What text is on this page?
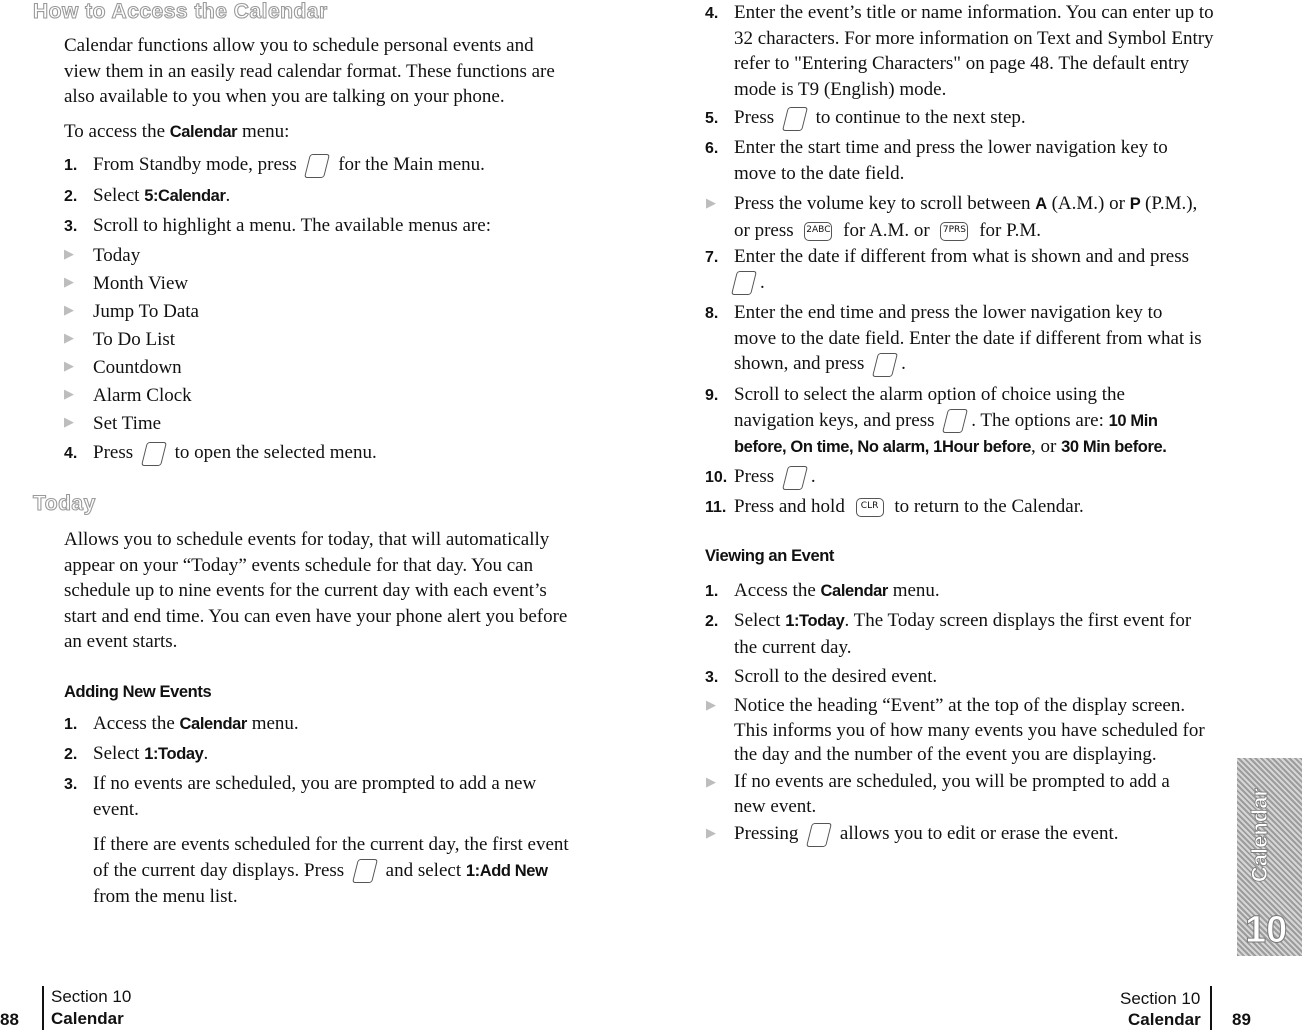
How to Access the Calendar
Calendar functions allow you to schedule personal events and view them in an easily read calendar format. These functions are also available to you when you are talking on your phone.
To access the Calendar menu:
1. From Standby mode, press  for the Main menu.
2. Select 5:Calendar.
3. Scroll to highlight a menu. The available menus are:
▶ Today
▶ Month View
▶ Jump To Data
▶ To Do List
▶ Countdown
▶ Alarm Clock
▶ Set Time
4. Press  to open the selected menu.
Today
Allows you to schedule events for today, that will automatically appear on your “Today” events schedule for that day. You can schedule up to nine events for the current day with each event’s start and end time. You can even have your phone alert you before an event starts.
Adding New Events
1. Access the Calendar menu.
2. Select 1:Today.
3. If no events are scheduled, you are prompted to add a new event.
If there are events scheduled for the current day, the first event of the current day displays. Press  and select 1:Add New from the menu list.
4. Enter the event’s title or name information. You can enter up to 32 characters. For more information on Text and Symbol Entry refer to "Entering Characters" on page 48. The default entry mode is T9 (English) mode.
5. Press  to continue to the next step.
6. Enter the start time and press the lower navigation key to move to the date field.
▶ Press the volume key to scroll between A (A.M.) or P (P.M.),
or press 2ABC for A.M. or 7PRS for P.M.
7. Enter the date if different from what is shown and and press
.
8. Enter the end time and press the lower navigation key to move to the date field. Enter the date if different from what is shown, and press .
9. Scroll to select the alarm option of choice using the navigation keys, and press . The options are: 10 Min before, On time, No alarm, 1Hour before, or 30 Min before.
10. Press .
11. Press and hold CLR to return to the Calendar.
Viewing an Event
1. Access the Calendar menu.
2. Select 1:Today. The Today screen displays the first event for the current day.
3. Scroll to the desired event.
▶ Notice the heading “Event” at the top of the display screen. This informs you of how many events you have scheduled for the day and the number of the event you are displaying.
▶ If no events are scheduled, you will be prompted to add a new event.
▶ Pressing  allows you to edit or erase the event.	Calendar
10
88
Section 10
Calendar
Section 10
Calendar 89
